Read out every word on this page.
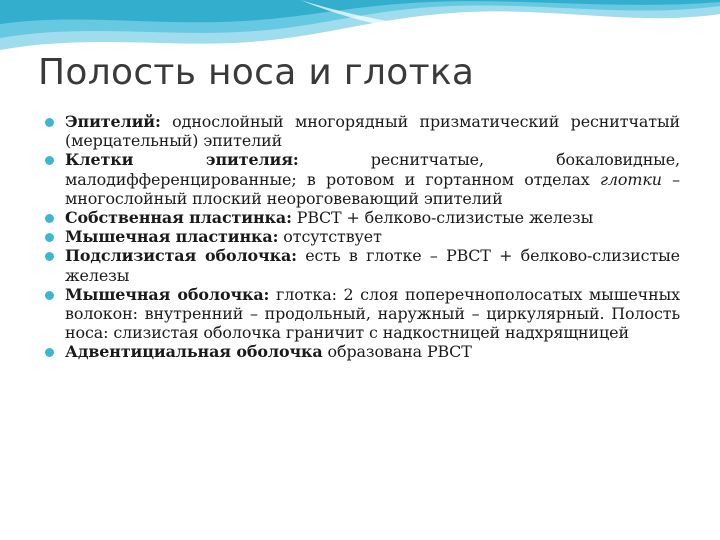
Полость носа и глотка
Эпителий: однослойный многорядный призматический реснитчатый (мерцательный) эпителий
Клетки эпителия: реснитчатые, бокаловидные, малодифференцированные; в ротовом и гортанном отделах глотки – многослойный плоский неороговевающий эпителий
Собственная пластинка: РВСТ + белково-слизистые железы
Мышечная пластинка: отсутствует
Подслизистая оболочка: есть в глотке – РВСТ + белково-слизистые железы
Мышечная оболочка: глотка: 2 слоя поперечнополосатых мышечных волокон: внутренний – продольный, наружный – циркулярный. Полость носа: слизистая оболочка граничит с надкостницей надхрящницей
Адвентициальная оболочка образована РВСТ
